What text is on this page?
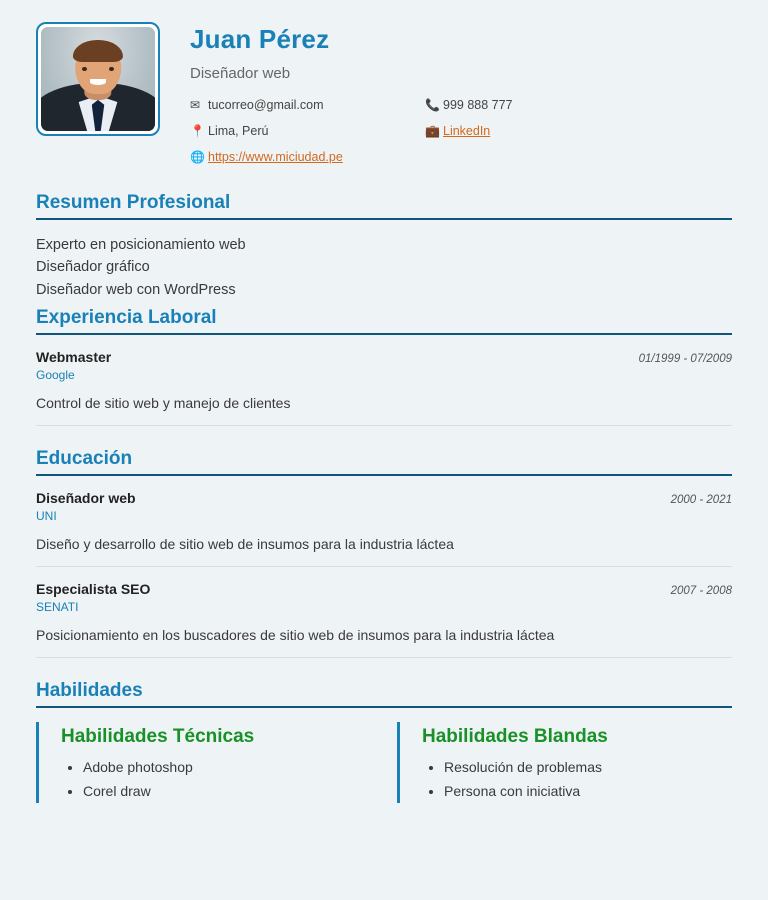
Juan Pérez
Diseñador web
✉ tucorreo@gmail.com	📞 999 888 777
📍 Lima, Perú	💼 LinkedIn
🌐 https://www.miciudad.pe
Resumen Profesional
Experto en posicionamiento web
Diseñador gráfico
Diseñador web con WordPress
Experiencia Laboral
Webmaster	01/1999 - 07/2009
Google
Control de sitio web y manejo de clientes
Educación
Diseñador web	2000 - 2021
UNI
Diseño y desarrollo de sitio web de insumos para la industria láctea
Especialista SEO	2007 - 2008
SENATI
Posicionamiento en los buscadores de sitio web de insumos para la industria láctea
Habilidades
Habilidades Técnicas
• Adobe photoshop
• Corel draw
Habilidades Blandas
• Resolución de problemas
• Persona con iniciativa
